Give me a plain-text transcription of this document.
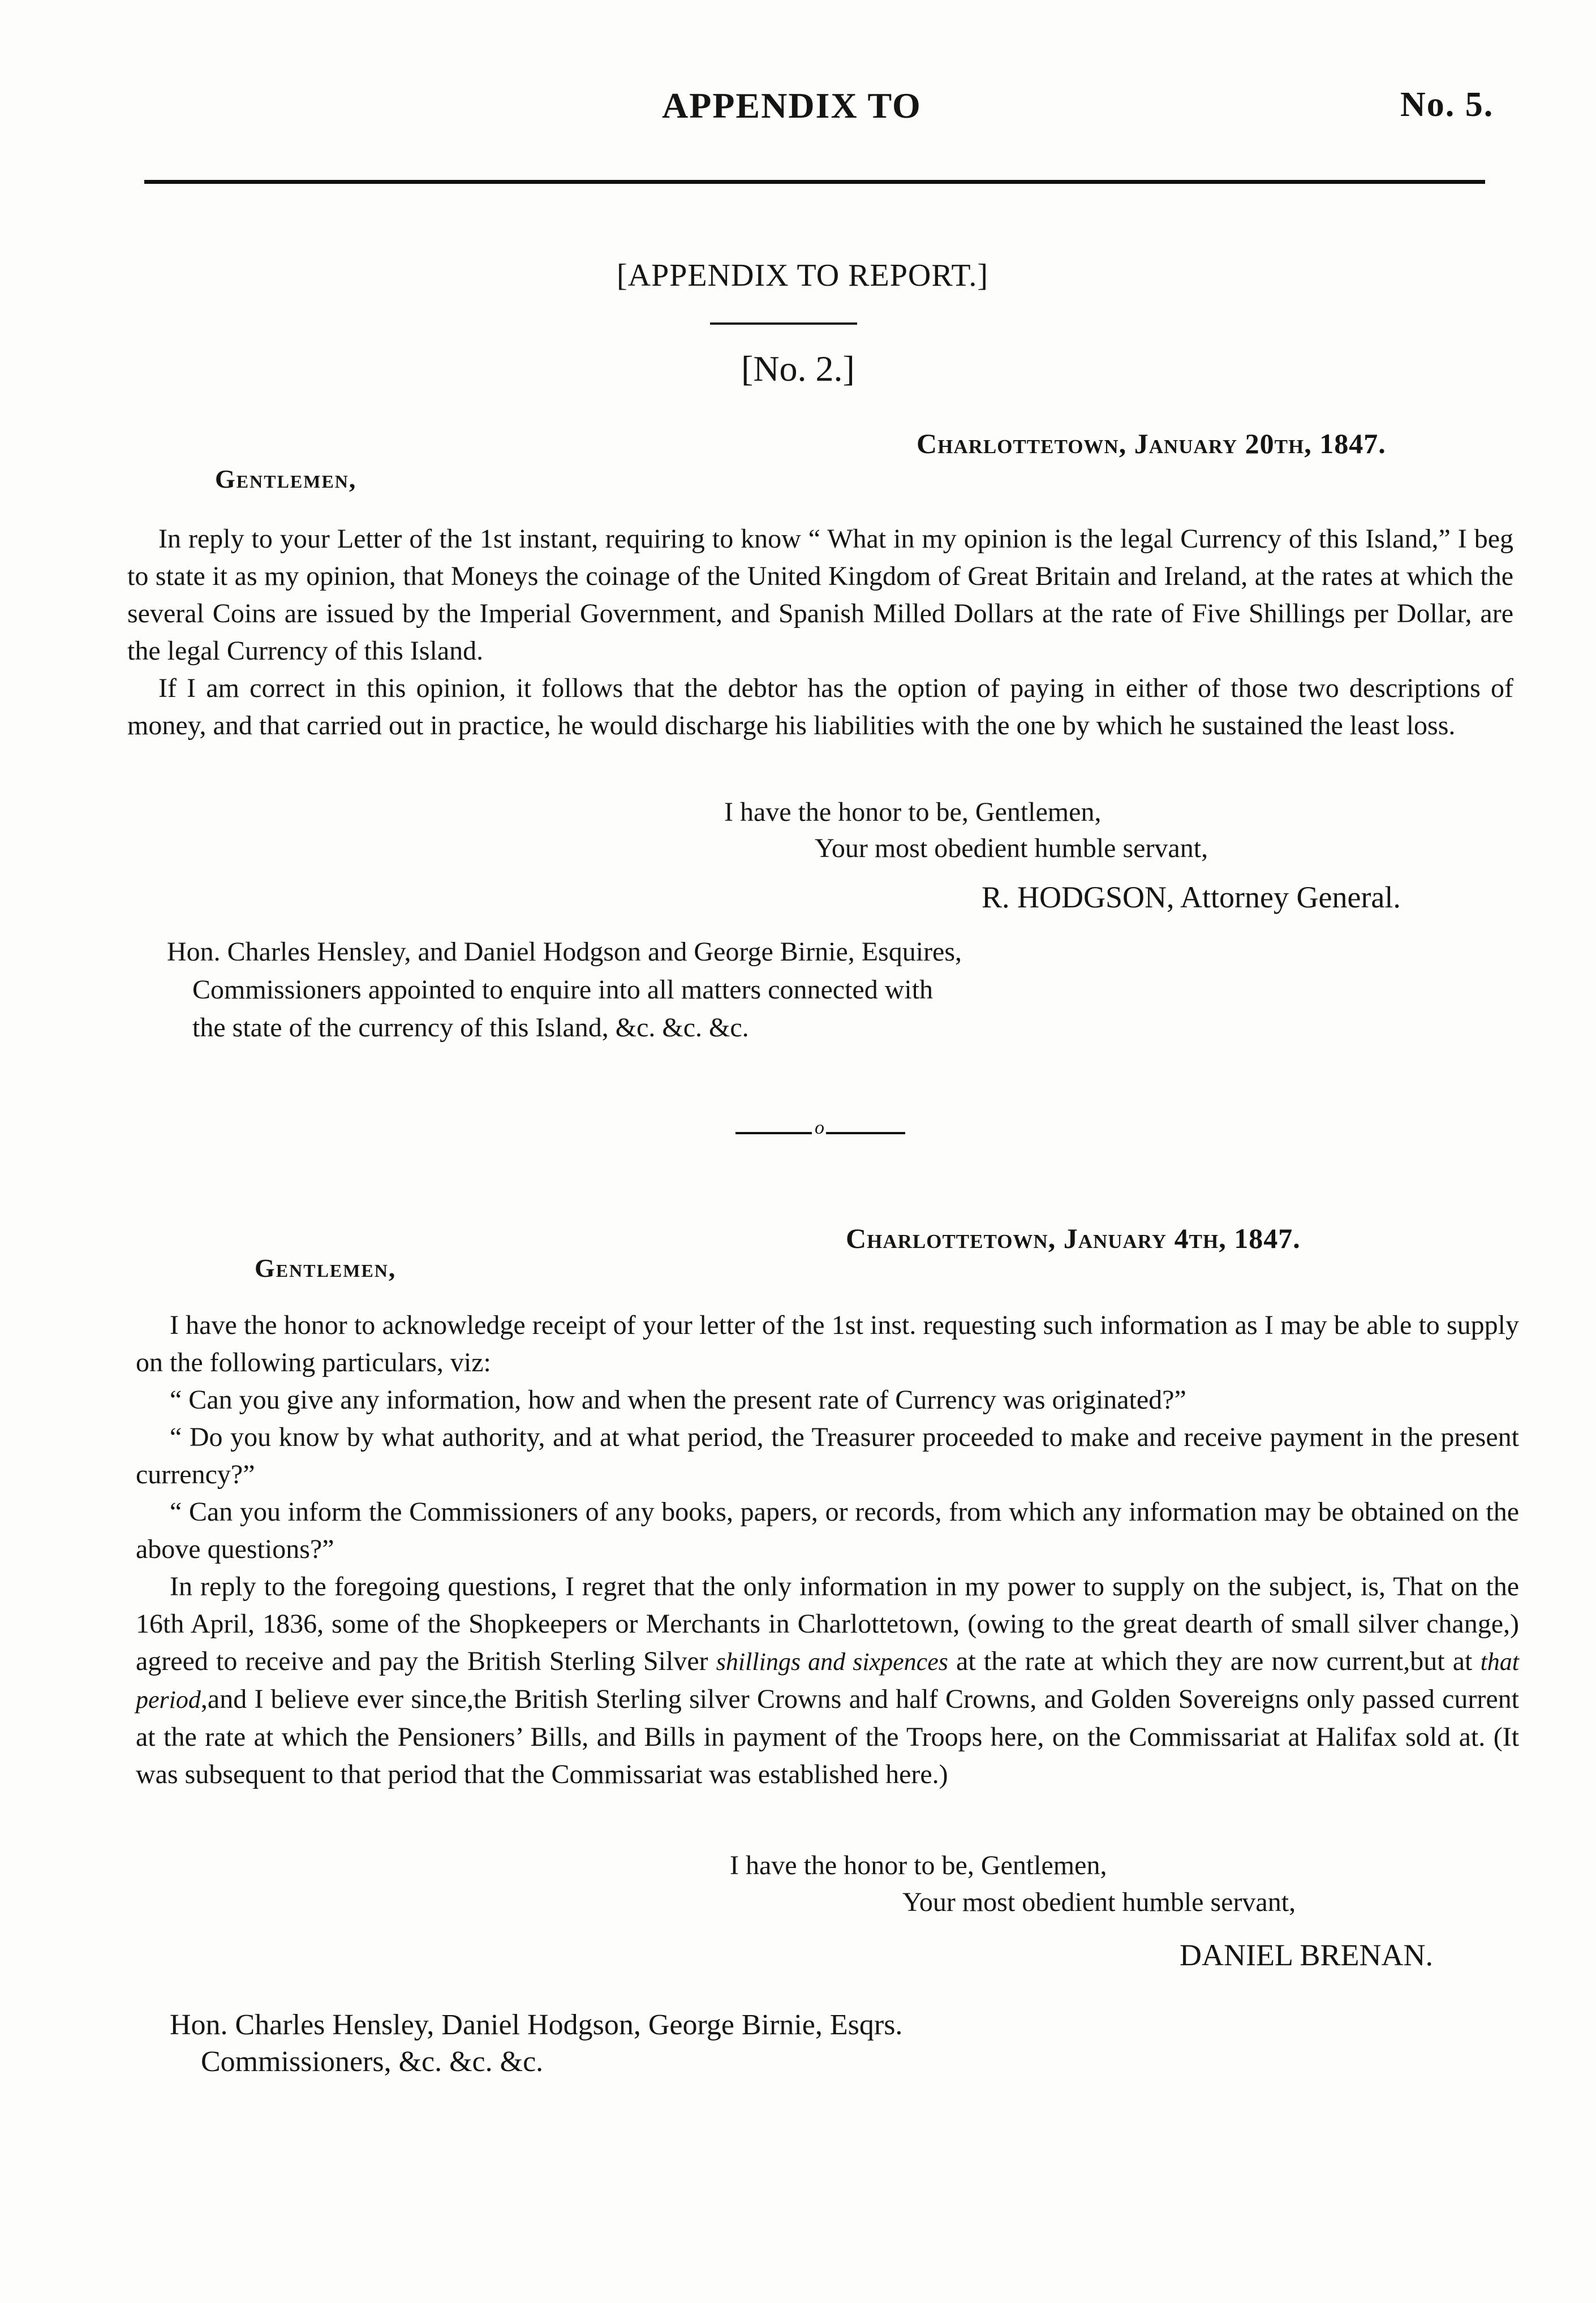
APPENDIX TO	No. 5.
[APPENDIX TO REPORT.]
[No. 2.]
Charlottetown, January 20th, 1847.
Gentlemen,
In reply to your Letter of the 1st instant, requiring to know “ What in my opinion is the legal Currency of this Island,” I beg to state it as my opinion, that Moneys the coinage of the United Kingdom of Great Britain and Ireland, at the rates at which the several Coins are issued by the Imperial Government, and Spanish Milled Dollars at the rate of Five Shillings per Dollar, are the legal Currency of this Island.
If I am correct in this opinion, it follows that the debtor has the option of paying in either of those two descriptions of money, and that carried out in practice, he would discharge his liabilities with the one by which he sustained the least loss.
I have the honor to be, Gentlemen,
Your most obedient humble servant,
R. HODGSON, Attorney General.
Hon. Charles Hensley, and Daniel Hodgson and George Birnie, Esquires,
Commissioners appointed to enquire into all matters connected with
the state of the currency of this Island, &c. &c. &c.
o
Charlottetown, January 4th, 1847.
Gentlemen,
I have the honor to acknowledge receipt of your letter of the 1st inst. requesting such information as I may be able to supply on the following particulars, viz:
“ Can you give any information, how and when the present rate of Currency was originated?”
“ Do you know by what authority, and at what period, the Treasurer proceeded to make and receive payment in the present currency?”
“ Can you inform the Commissioners of any books, papers, or records, from which any information may be obtained on the above questions?”
In reply to the foregoing questions, I regret that the only information in my power to supply on the subject, is, That on the 16th April, 1836, some of the Shopkeepers or Merchants in Charlottetown, (owing to the great dearth of small silver change,) agreed to receive and pay the British Sterling Silver shillings and sixpences at the rate at which they are now current,but at that period,and I believe ever since,the British Sterling silver Crowns and half Crowns, and Golden Sovereigns only passed current at the rate at which the Pensioners’ Bills, and Bills in payment of the Troops here, on the Commissariat at Halifax sold at. (It was subsequent to that period that the Commissariat was established here.)
I have the honor to be, Gentlemen,
Your most obedient humble servant,
DANIEL BRENAN.
Hon. Charles Hensley, Daniel Hodgson, George Birnie, Esqrs.
Commissioners, &c. &c. &c.
